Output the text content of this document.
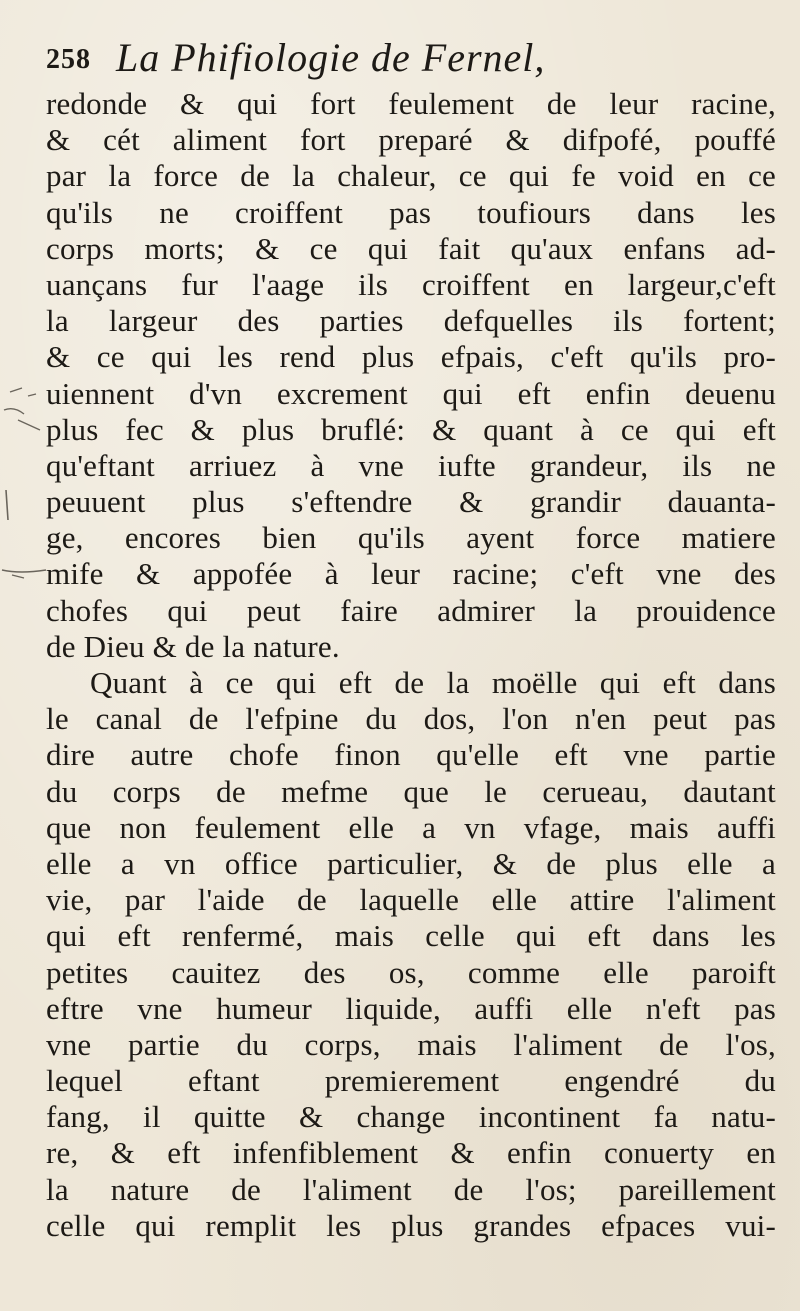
258 La Phifiologie de Fernel,
redonde & qui fort feulement de leur racine,
& cét aliment fort preparé & difpofé, pouffé
par la force de la chaleur, ce qui fe void en ce
qu'ils ne croiffent pas toufiours dans les
corps morts; & ce qui fait qu'aux enfans ad-
uançans fur l'aage ils croiffent en largeur,c'eft
la largeur des parties defquelles ils fortent;
& ce qui les rend plus efpais, c'eft qu'ils pro-
uiennent d'vn excrement qui eft enfin deuenu
plus fec & plus bruflé: & quant à ce qui eft
qu'eftant arriuez à vne iufte grandeur, ils ne
peuuent plus s'eftendre & grandir dauanta-
ge, encores bien qu'ils ayent force matiere
mife & appofée à leur racine; c'eft vne des
chofes qui peut faire admirer la prouidence
de Dieu & de la nature.
Quant à ce qui eft de la moëlle qui eft dans
le canal de l'efpine du dos, l'on n'en peut pas
dire autre chofe finon qu'elle eft vne partie
du corps de mefme que le cerueau, dautant
que non feulement elle a vn vfage, mais auffi
elle a vn office particulier, & de plus elle a
vie, par l'aide de laquelle elle attire l'aliment
qui eft renfermé, mais celle qui eft dans les
petites cauitez des os, comme elle paroift
eftre vne humeur liquide, auffi elle n'eft pas
vne partie du corps, mais l'aliment de l'os,
lequel eftant premierement engendré du
fang, il quitte & change incontinent fa natu-
re, & eft infenfiblement & enfin conuerty en
la nature de l'aliment de l'os; pareillement
celle qui remplit les plus grandes efpaces vui-
